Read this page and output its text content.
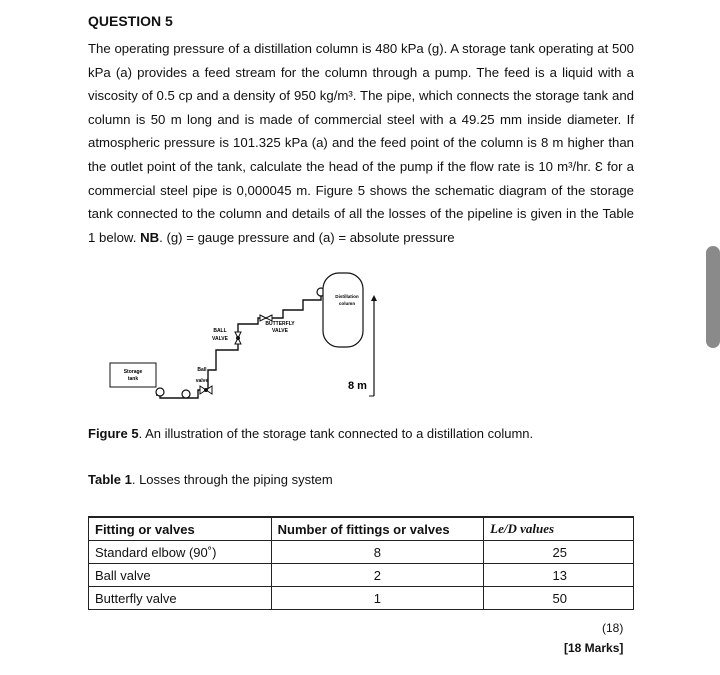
QUESTION 5
The operating pressure of a distillation column is 480 kPa (g). A storage tank operating at 500 kPa (a) provides a feed stream for the column through a pump. The feed is a liquid with a viscosity of 0.5 cp and a density of 950 kg/m³. The pipe, which connects the storage tank and column is 50 m long and is made of commercial steel with a 49.25 mm inside diameter. If atmospheric pressure is 101.325 kPa (a) and the feed point of the column is 8 m higher than the outlet point of the tank, calculate the head of the pump if the flow rate is 10 m³/hr. Ɛ for a commercial steel pipe is 0,000045 m. Figure 5 shows the schematic diagram of the storage tank connected to the column and details of all the losses of the pipeline is given in the Table 1 below. NB. (g) = gauge pressure and (a) = absolute pressure
Storage
tank
Ball
valve
BALL
VALVE
BUTTERFLY
VALVE
Distillation
column
8 m
Figure 5. An illustration of the storage tank connected to a distillation column.
Table 1. Losses through the piping system
Fitting or valves	Number of fittings or valves	Le/D values
Standard elbow (90˚)	8	25
Ball valve	2	13
Butterfly valve	1	50
(18)
[18 Marks]
